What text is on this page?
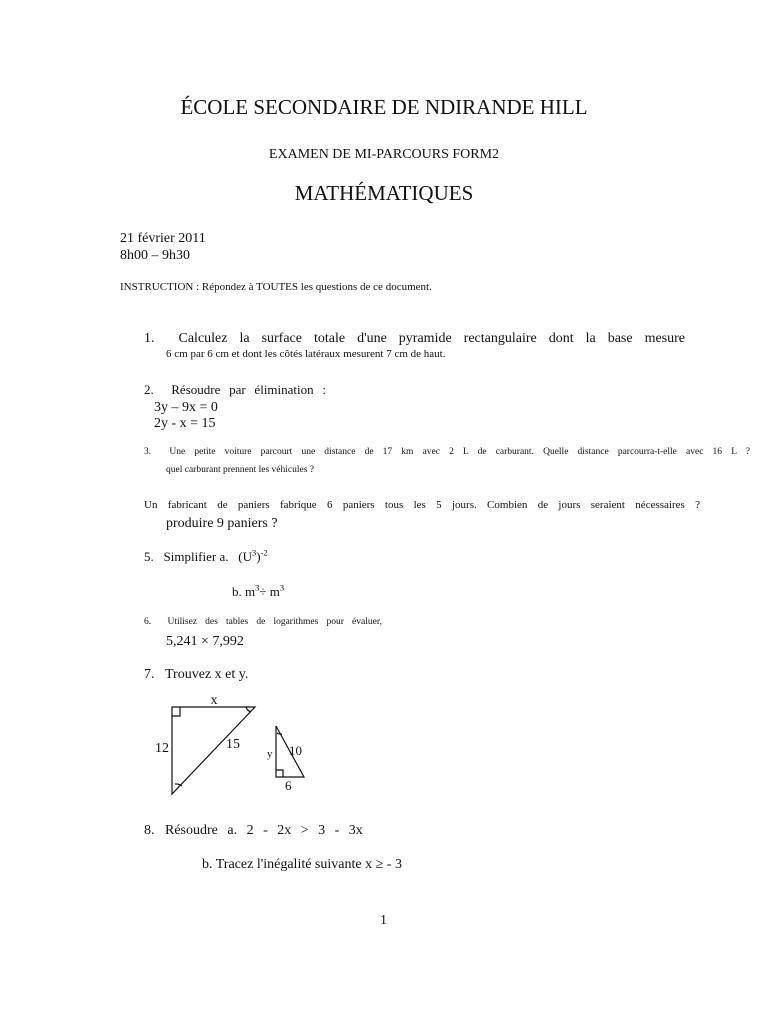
ÉCOLE SECONDAIRE DE NDIRANDE HILL
EXAMEN DE MI-PARCOURS FORM2
MATHÉMATIQUES
21 février 2011
8h00 – 9h30
INSTRUCTION : Répondez à TOUTES les questions de ce document.
1. Calculez la surface totale d'une pyramide rectangulaire dont la base mesure
6 cm par 6 cm et dont les côtés latéraux mesurent 7 cm de haut.
2. Résoudre par élimination :
3y – 9x = 0
2y - x = 15
3. Une petite voiture parcourt une distance de 17 km avec 2 L de carburant. Quelle distance parcourra-t-elle avec 16 L ?
quel carburant prennent les véhicules ?
Un fabricant de paniers fabrique 6 paniers tous les 5 jours. Combien de jours seraient nécessaires ?
produire 9 paniers ?
5. Simplifier a. $(U^3)^{-2}$
b. $m^3\div m^3$
6. Utilisez des tables de logarithmes pour évaluer,
5,241 × 7,992
7. Trouvez x et y.
x
12	15
y 10
6
8. Résoudre a. 2 - 2x > 3 - 3x
b. Tracez l'inégalité suivante x ≥ - 3
1
